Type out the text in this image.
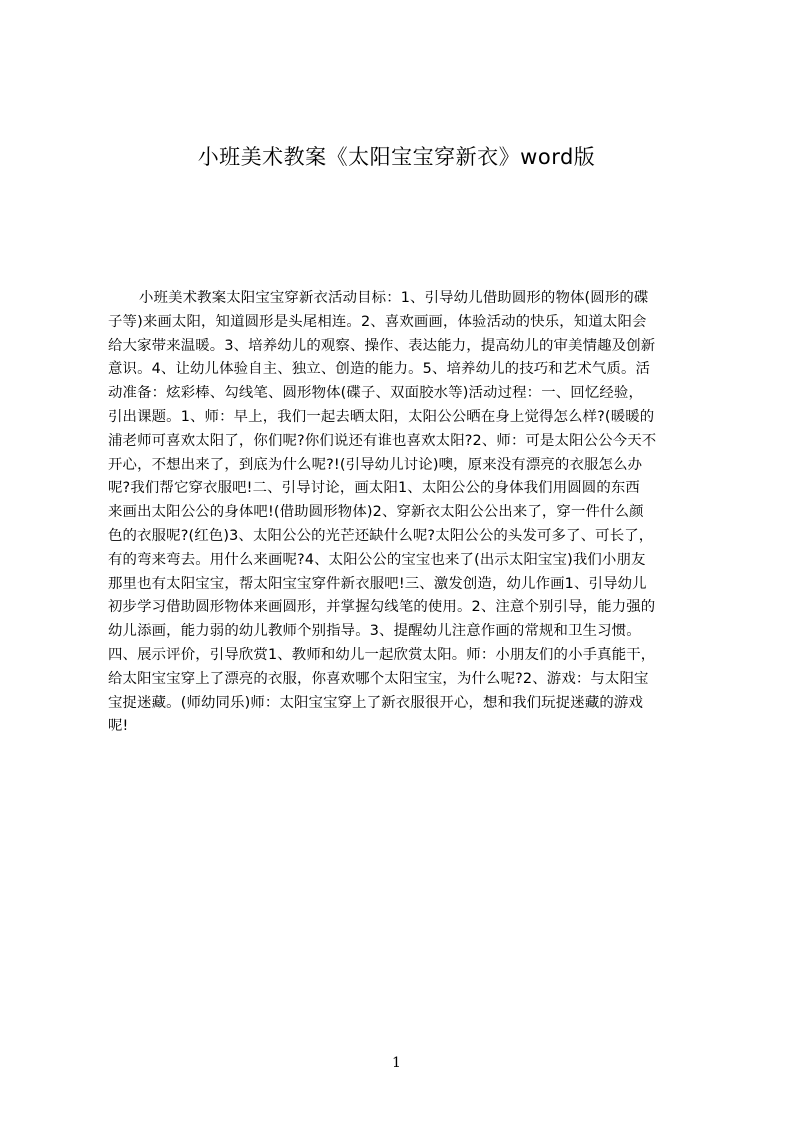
小班美术教案《太阳宝宝穿新衣》word版
小班美术教案太阳宝宝穿新衣活动目标：1、引导幼儿借助圆形的物体(圆形的碟
子等)来画太阳，知道圆形是头尾相连。2、喜欢画画，体验活动的快乐，知道太阳会
给大家带来温暖。3、培养幼儿的观察、操作、表达能力，提高幼儿的审美情趣及创新
意识。4、让幼儿体验自主、独立、创造的能力。5、培养幼儿的技巧和艺术气质。活
动准备：炫彩棒、勾线笔、圆形物体(碟子、双面胶水等)活动过程：一、回忆经验，
引出课题。1、师：早上，我们一起去晒太阳，太阳公公晒在身上觉得怎么样?(暖暖的
浦老师可喜欢太阳了，你们呢?你们说还有谁也喜欢太阳?2、师：可是太阳公公今天不
开心，不想出来了，到底为什么呢?!(引导幼儿讨论)噢，原来没有漂亮的衣服怎么办
呢?我们帮它穿衣服吧!二、引导讨论，画太阳1、太阳公公的身体我们用圆圆的东西
来画出太阳公公的身体吧!(借助圆形物体)2、穿新衣太阳公公出来了，穿一件什么颜
色的衣服呢?(红色)3、太阳公公的光芒还缺什么呢?太阳公公的头发可多了、可长了，
有的弯来弯去。用什么来画呢?4、太阳公公的宝宝也来了(出示太阳宝宝)我们小朋友
那里也有太阳宝宝，帮太阳宝宝穿件新衣服吧!三、激发创造，幼儿作画1、引导幼儿
初步学习借助圆形物体来画圆形，并掌握勾线笔的使用。2、注意个别引导，能力强的
幼儿添画，能力弱的幼儿教师个别指导。3、提醒幼儿注意作画的常规和卫生习惯。
四、展示评价，引导欣赏1、教师和幼儿一起欣赏太阳。师：小朋友们的小手真能干，
给太阳宝宝穿上了漂亮的衣服，你喜欢哪个太阳宝宝，为什么呢?2、游戏：与太阳宝
宝捉迷藏。(师幼同乐)师：太阳宝宝穿上了新衣服很开心，想和我们玩捉迷藏的游戏
呢!
1
